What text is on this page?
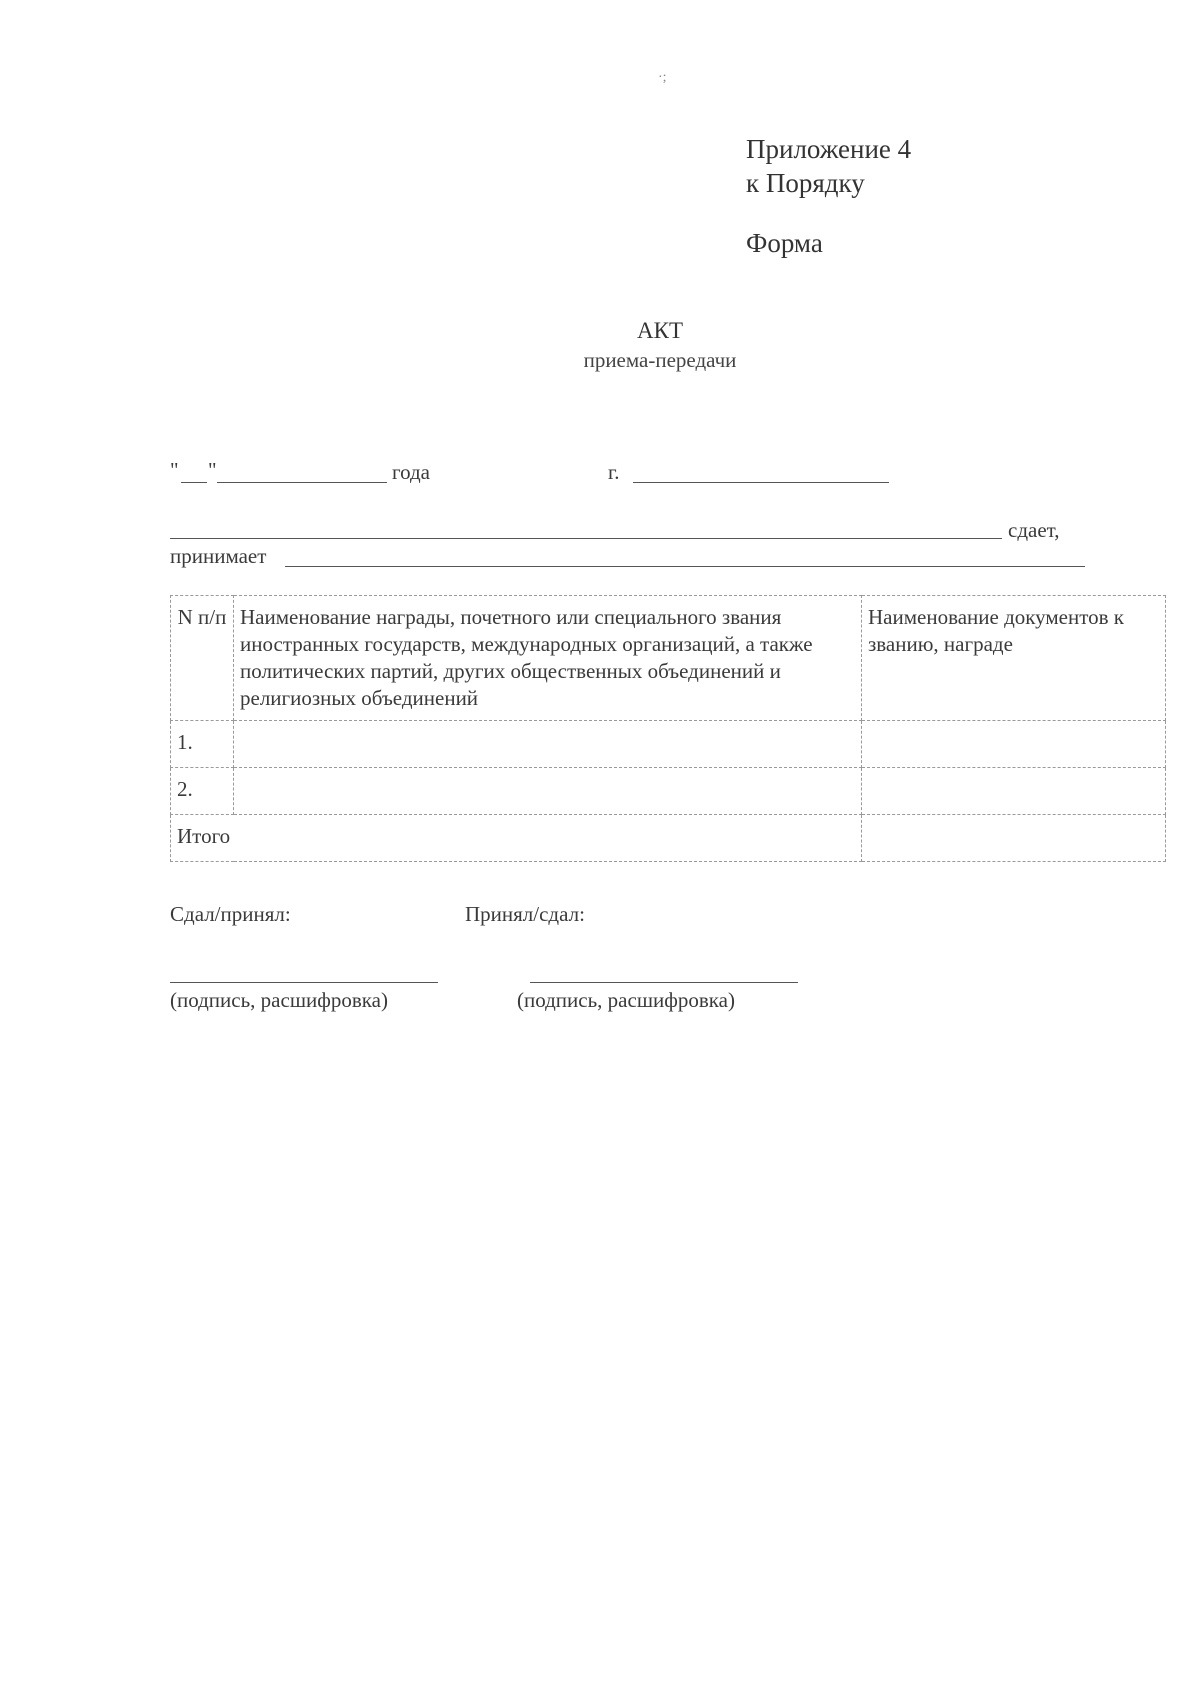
·;
Приложение 4
к Порядку
Форма
АКТ
приема-передачи
" "	года	г.
сдает,
принимает
N п/п	Наименование награды, почетного или специального звания иностранных государств, международных организаций, а также политических партий, других общественных объединений и религиозных объединений	Наименование документов к званию, награде
1.		
2.		
Итого		
Сдал/принял:	Принял/сдал:
(подпись, расшифровка)	(подпись, расшифровка)
